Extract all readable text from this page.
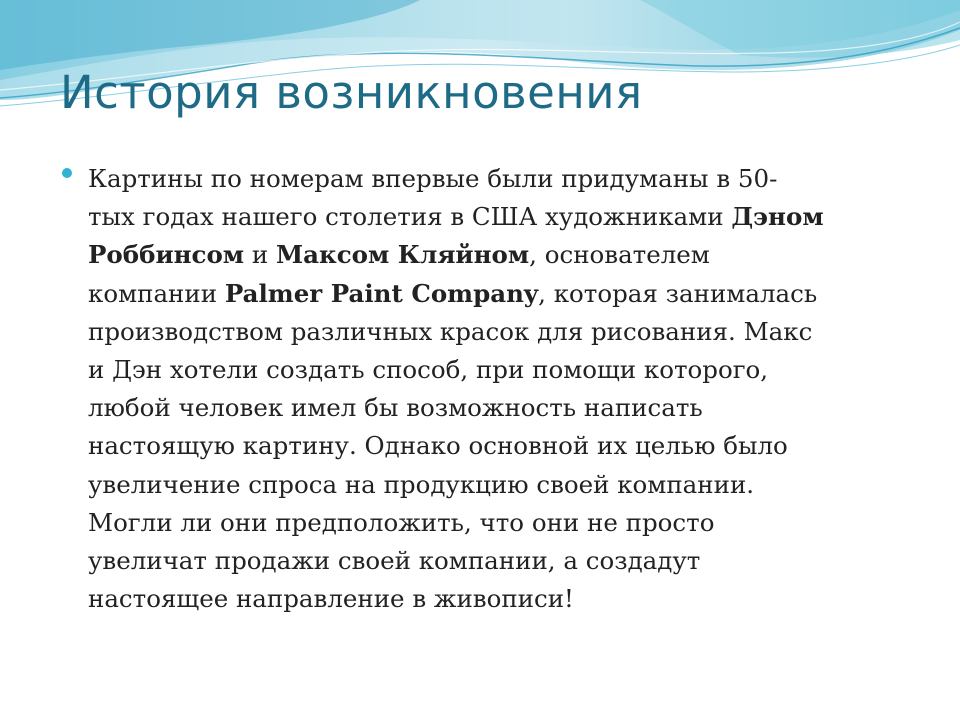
История возникновения

Картины по номерам впервые были придуманы в 50-
тых годах нашего столетия в США художниками Дэном
Роббинсом и Максом Кляйном, основателем
компании Palmer Paint Company, которая занималась
производством различных красок для рисования. Макс
и Дэн хотели создать способ, при помощи которого,
любой человек имел бы возможность написать
настоящую картину. Однако основной их целью было
увеличение спроса на продукцию своей компании.
Могли ли они предположить, что они не просто
увеличат продажи своей компании, а создадут
настоящее направление в живописи!
